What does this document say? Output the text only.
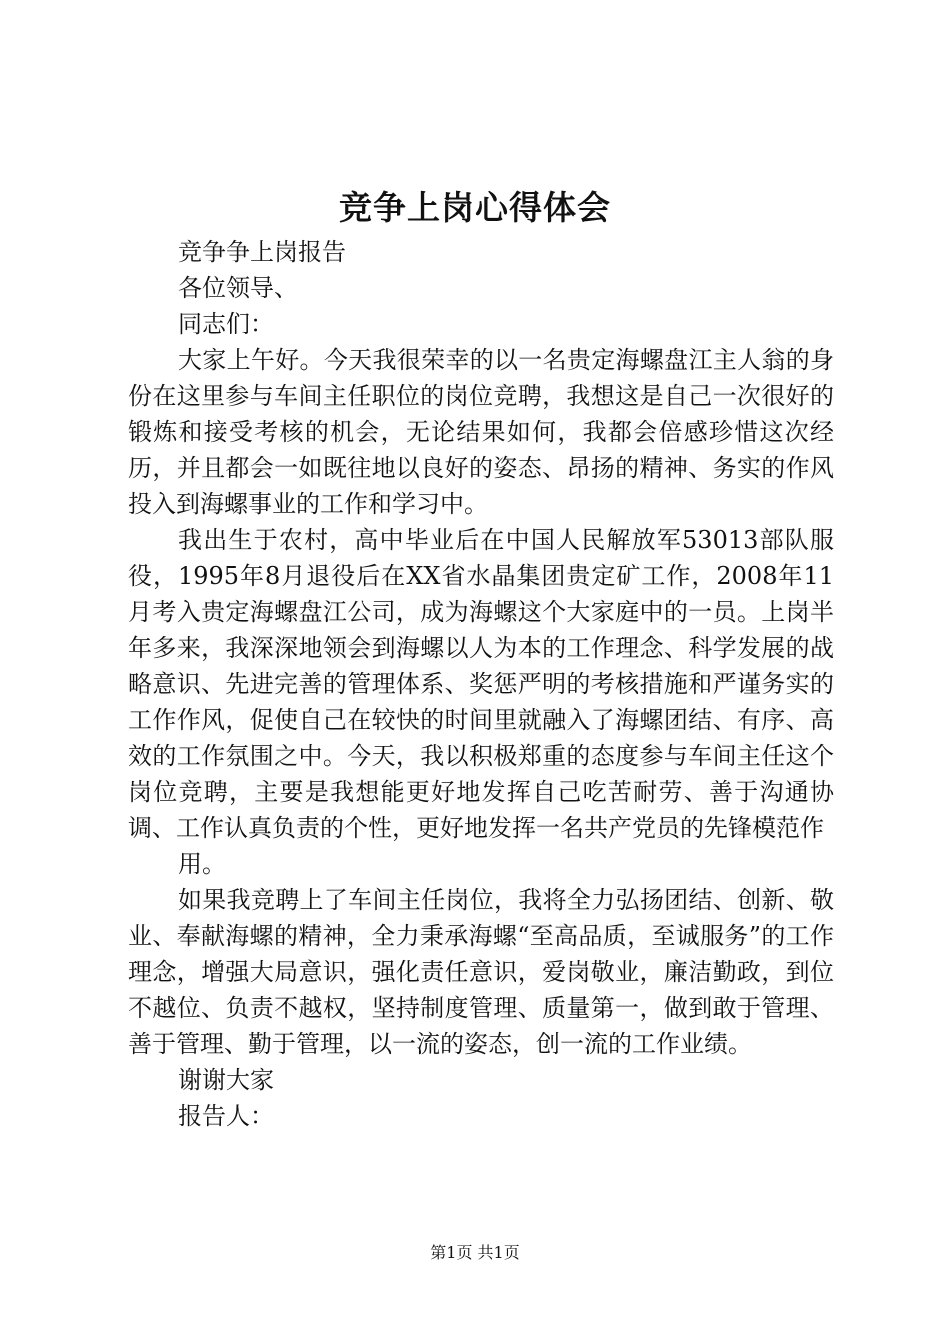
竞争上岗心得体会

竞争争上岗报告

各位领导、

同志们：

大家上午好。今天我很荣幸的以一名贵定海螺盘江主人翁的身份在这里参与车间主任职位的岗位竞聘，我想这是自己一次很好的锻炼和接受考核的机会，无论结果如何，我都会倍感珍惜这次经历，并且都会一如既往地以良好的姿态、昂扬的精神、务实的作风投入到海螺事业的工作和学习中。

我出生于农村，高中毕业后在中国人民解放军53013部队服役，1995年8月退役后在XX省水晶集团贵定矿工作，2008年11月考入贵定海螺盘江公司，成为海螺这个大家庭中的一员。上岗半年多来，我深深地领会到海螺以人为本的工作理念、科学发展的战略意识、先进完善的管理体系、奖惩严明的考核措施和严谨务实的工作作风，促使自己在较快的时间里就融入了海螺团结、有序、高效的工作氛围之中。今天，我以积极郑重的态度参与车间主任这个岗位竞聘，主要是我想能更好地发挥自己吃苦耐劳、善于沟通协调、工作认真负责的个性，更好地发挥一名共产党员的先锋模范作

用。

如果我竞聘上了车间主任岗位，我将全力弘扬团结、创新、敬业、奉献海螺的精神，全力秉承海螺“至高品质，至诚服务”的工作理念，增强大局意识，强化责任意识，爱岗敬业，廉洁勤政，到位不越位、负责不越权，坚持制度管理、质量第一，做到敢于管理、善于管理、勤于管理，以一流的姿态，创一流的工作业绩。

谢谢大家

报告人：

第1页 共1页
